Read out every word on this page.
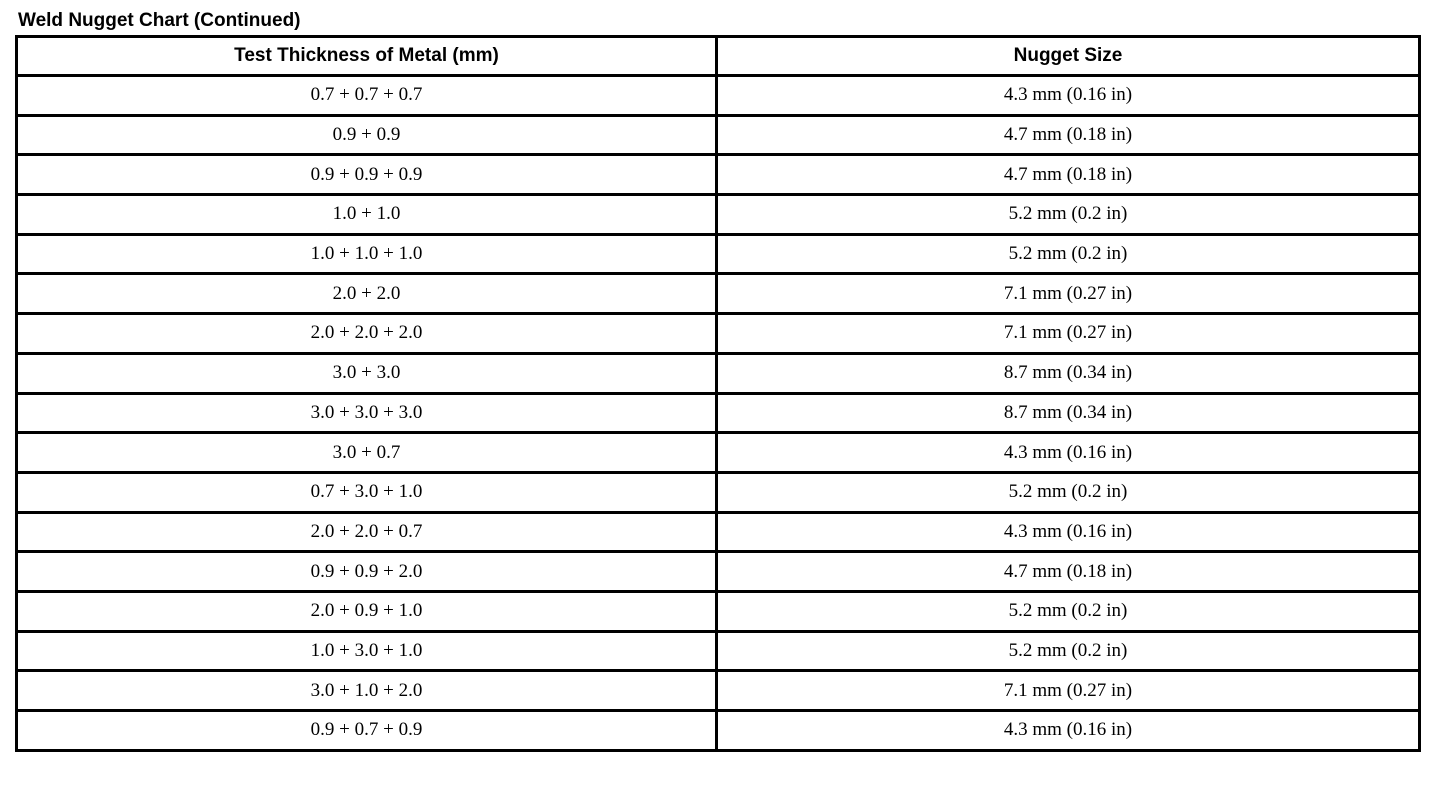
Weld Nugget Chart (Continued)
Test Thickness of Metal (mm)	Nugget Size
0.7 + 0.7 + 0.7	4.3 mm (0.16 in)
0.9 + 0.9	4.7 mm (0.18 in)
0.9 + 0.9 + 0.9	4.7 mm (0.18 in)
1.0 + 1.0	5.2 mm (0.2 in)
1.0 + 1.0 + 1.0	5.2 mm (0.2 in)
2.0 + 2.0	7.1 mm (0.27 in)
2.0 + 2.0 + 2.0	7.1 mm (0.27 in)
3.0 + 3.0	8.7 mm (0.34 in)
3.0 + 3.0 + 3.0	8.7 mm (0.34 in)
3.0 + 0.7	4.3 mm (0.16 in)
0.7 + 3.0 + 1.0	5.2 mm (0.2 in)
2.0 + 2.0 + 0.7	4.3 mm (0.16 in)
0.9 + 0.9 + 2.0	4.7 mm (0.18 in)
2.0 + 0.9 + 1.0	5.2 mm (0.2 in)
1.0 + 3.0 + 1.0	5.2 mm (0.2 in)
3.0 + 1.0 + 2.0	7.1 mm (0.27 in)
0.9 + 0.7 + 0.9	4.3 mm (0.16 in)
